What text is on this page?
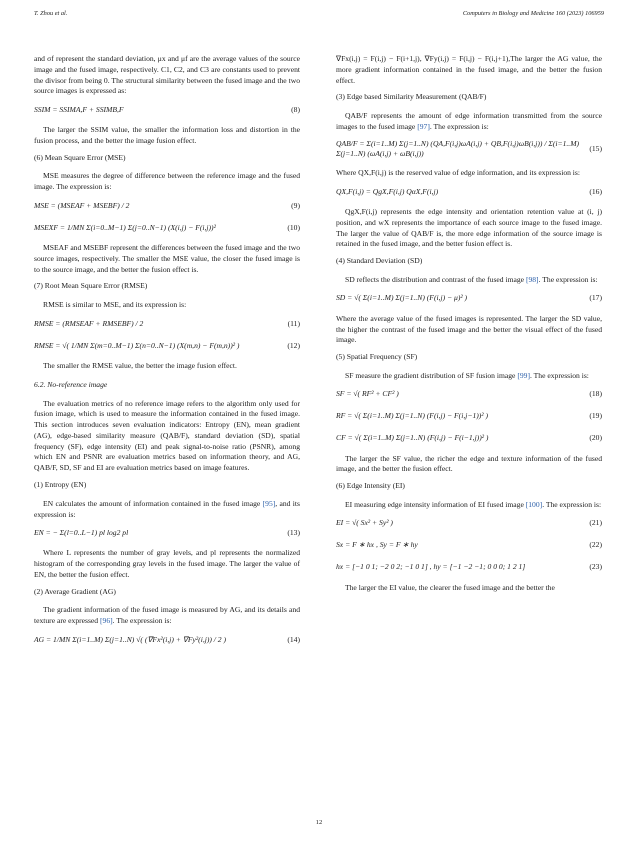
T. Zhou et al.	Computers in Biology and Medicine 160 (2023) 106959

and σf represent the standard deviation, μx and μf are the average values of the source image and the fused image, respectively. C1, C2, and C3 are constants used to prevent the divisor from being 0. The structural similarity between the fused image and the two source images is expressed as:

SSIM = SSIMA,F + SSIMB,F	(8)

The larger the SSIM value, the smaller the information loss and distortion in the fusion process, and the better the image fusion effect.

(6) Mean Square Error (MSE)

MSE measures the degree of difference between the reference image and the fused image. The expression is:

MSE = (MSEAF + MSEBF) / 2	(9)
MSEXF = 1/MN Σ(i=0..M−1) Σ(j=0..N−1) (X(i,j) − F(i,j))²	(10)

MSEAF and MSEBF represent the differences between the fused image and the two source images, respectively. The smaller the MSE value, the closer the fused image is to the source image, and the better the fusion effect is.

(7) Root Mean Square Error (RMSE)

RMSE is similar to MSE, and its expression is:

RMSE = (RMSEAF + RMSEBF) / 2	(11)
RMSE = √( 1/MN Σ(m=0..M−1) Σ(n=0..N−1) (X(m,n) − F(m,n))² )	(12)

The smaller the RMSE value, the better the image fusion effect.

6.2. No-reference image

The evaluation metrics of no reference image refers to the algorithm only used for fusion image, which is used to measure the information contained in the fused image. This section introduces seven evaluation indicators: Entropy (EN), mean gradient (AG), edge-based similarity measure (QAB/F), standard deviation (SD), spatial frequency (SF), edge intensity (EI) and peak signal-to-noise ratio (PSNR), among which EN and PSNR are evaluation metrics based on information theory, and AG, QAB/F, SD, SF and EI are evaluation metrics based on image features.

(1) Entropy (EN)

EN calculates the amount of information contained in the fused image [95], and its expression is:

EN = − Σ(l=0..L−1) pl log2 pl	(13)

Where L represents the number of gray levels, and pl represents the normalized histogram of the corresponding gray levels in the fused image. The larger the value of EN, the better the fusion effect.

(2) Average Gradient (AG)

The gradient information of the fused image is measured by AG, and its details and texture are expressed [96]. The expression is:

AG = 1/MN Σ(i=1..M) Σ(j=1..N) √( (∇Fx²(i,j) + ∇Fy²(i,j)) / 2 )	(14)

∇Fx(i,j) = F(i,j) − F(i+1,j), ∇Fy(i,j) = F(i,j) − F(i,j+1),The larger the AG value, the more gradient information contained in the fused image, and the better the fusion effect.

(3) Edge based Similarity Measurement (QAB/F)

QAB/F represents the amount of edge information transmitted from the source images to the fused image [97]. The expression is:

QAB/F = Σ(i=1..M) Σ(j=1..N) (QA,F(i,j)ωA(i,j) + QB,F(i,j)ωB(i,j)) / Σ(i=1..M) Σ(j=1..N) (ωA(i,j) + ωB(i,j))
(15)

Where QX,F(i,j) is the reserved value of edge information, and its expression is:

QX,F(i,j) = QgX,F(i,j) QαX,F(i,j)	(16)

QgX,F(i,j) represents the edge intensity and orientation retention value at (i, j) position, and wX represents the importance of each source image to the fused image. The larger the value of QAB/F is, the more edge information of the source image is retained in the fused image, and the better fusion effect is.

(4) Standard Deviation (SD)

SD reflects the distribution and contrast of the fused image [98]. The expression is:

SD = √( Σ(i=1..M) Σ(j=1..N) (F(i,j) − μ)² )	(17)

Where the average value of the fused images is represented. The larger the SD value, the higher the contrast of the fused image and the better the visual effect of the fused image.

(5) Spatial Frequency (SF)

SF measure the gradient distribution of SF fusion image [99]. The expression is:

SF = √( RF² + CF² )	(18)
RF = √( Σ(i=1..M) Σ(j=1..N) (F(i,j) − F(i,j−1))² )	(19)
CF = √( Σ(i=1..M) Σ(j=1..N) (F(i,j) − F(i−1,j))² )	(20)

The larger the SF value, the richer the edge and texture information of the fused image, and the better the fusion effect.

(6) Edge Intensity (EI)

EI measuring edge intensity information of EI fused image [100]. The expression is:

EI = √( Sx² + Sy² )	(21)
Sx = F ∗ hx , Sy = F ∗ hy	(22)
hx = [−1 0 1; −2 0 2; −1 0 1] , hy = [−1 −2 −1; 0 0 0; 1 2 1]	(23)

The larger the EI value, the clearer the fused image and the better the

12
